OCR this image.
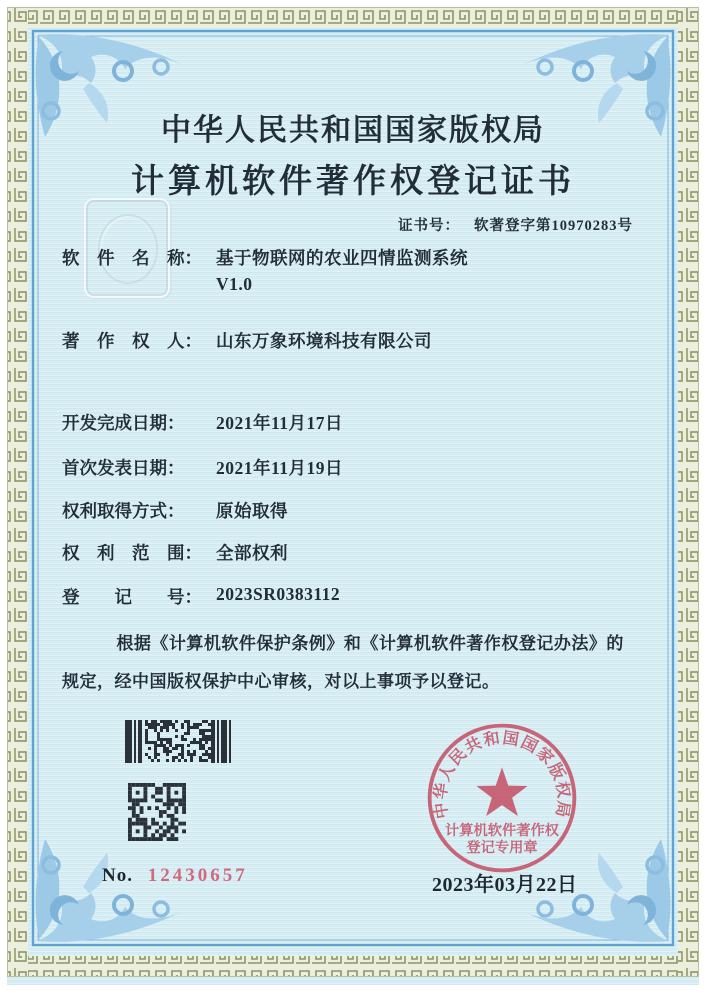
中华人民共和国国家版权局
计算机软件著作权登记证书
证书号： 软著登字第10970283号
软　件　名　称： 基于物联网的农业四情监测系统
V1.0
著　作　权　人： 山东万象环境科技有限公司
开发完成日期：	2021年11月17日
首次发表日期：	2021年11月19日
权利取得方式：	原始取得
权　利　范　围： 全部权利
登　　记　　号： 2023SR0383112
根据《计算机软件保护条例》和《计算机软件著作权登记办法》的
规定，经中国版权保护中心审核，对以上事项予以登记。
中华人民共和国国家版权局
计算机软件著作权
登记专用章
No. 12430657	2023年03月22日
